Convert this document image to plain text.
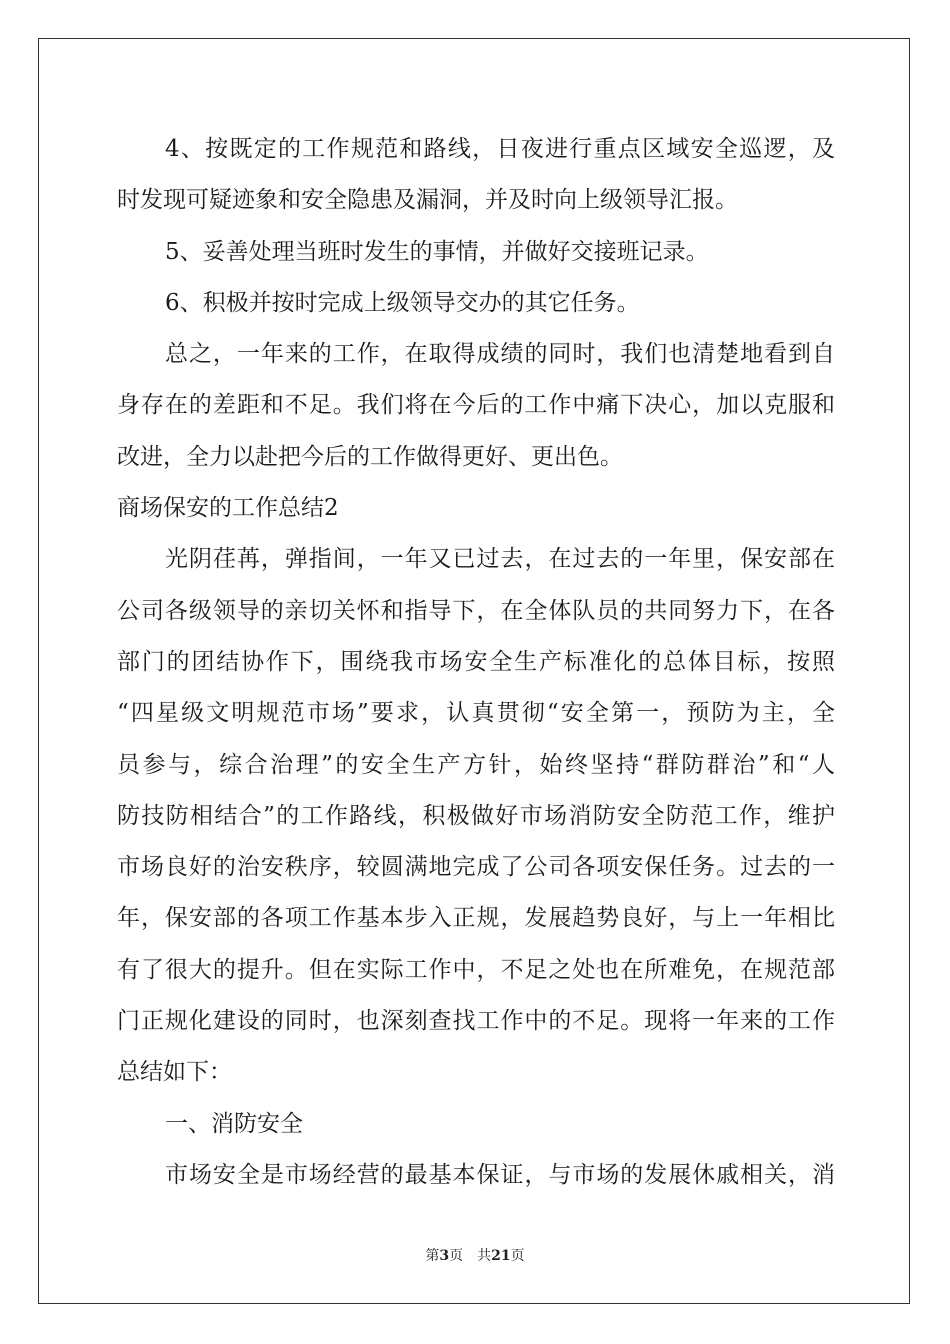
4、按既定的工作规范和路线，日夜进行重点区域安全巡逻，及
时发现可疑迹象和安全隐患及漏洞，并及时向上级领导汇报。
5、妥善处理当班时发生的事情，并做好交接班记录。
6、积极并按时完成上级领导交办的其它任务。
总之，一年来的工作，在取得成绩的同时，我们也清楚地看到自
身存在的差距和不足。我们将在今后的工作中痛下决心，加以克服和
改进，全力以赴把今后的工作做得更好、更出色。
商场保安的工作总结2
光阴荏苒，弹指间，一年又已过去，在过去的一年里，保安部在
公司各级领导的亲切关怀和指导下，在全体队员的共同努力下，在各
部门的团结协作下，围绕我市场安全生产标准化的总体目标，按照
“四星级文明规范市场”要求，认真贯彻“安全第一，预防为主，全
员参与，综合治理”的安全生产方针，始终坚持“群防群治”和“人
防技防相结合”的工作路线，积极做好市场消防安全防范工作，维护
市场良好的治安秩序，较圆满地完成了公司各项安保任务。过去的一
年，保安部的各项工作基本步入正规，发展趋势良好，与上一年相比
有了很大的提升。但在实际工作中，不足之处也在所难免，在规范部
门正规化建设的同时，也深刻查找工作中的不足。现将一年来的工作
总结如下：
一、消防安全
市场安全是市场经营的最基本保证，与市场的发展休戚相关，消
第3页 共21页
